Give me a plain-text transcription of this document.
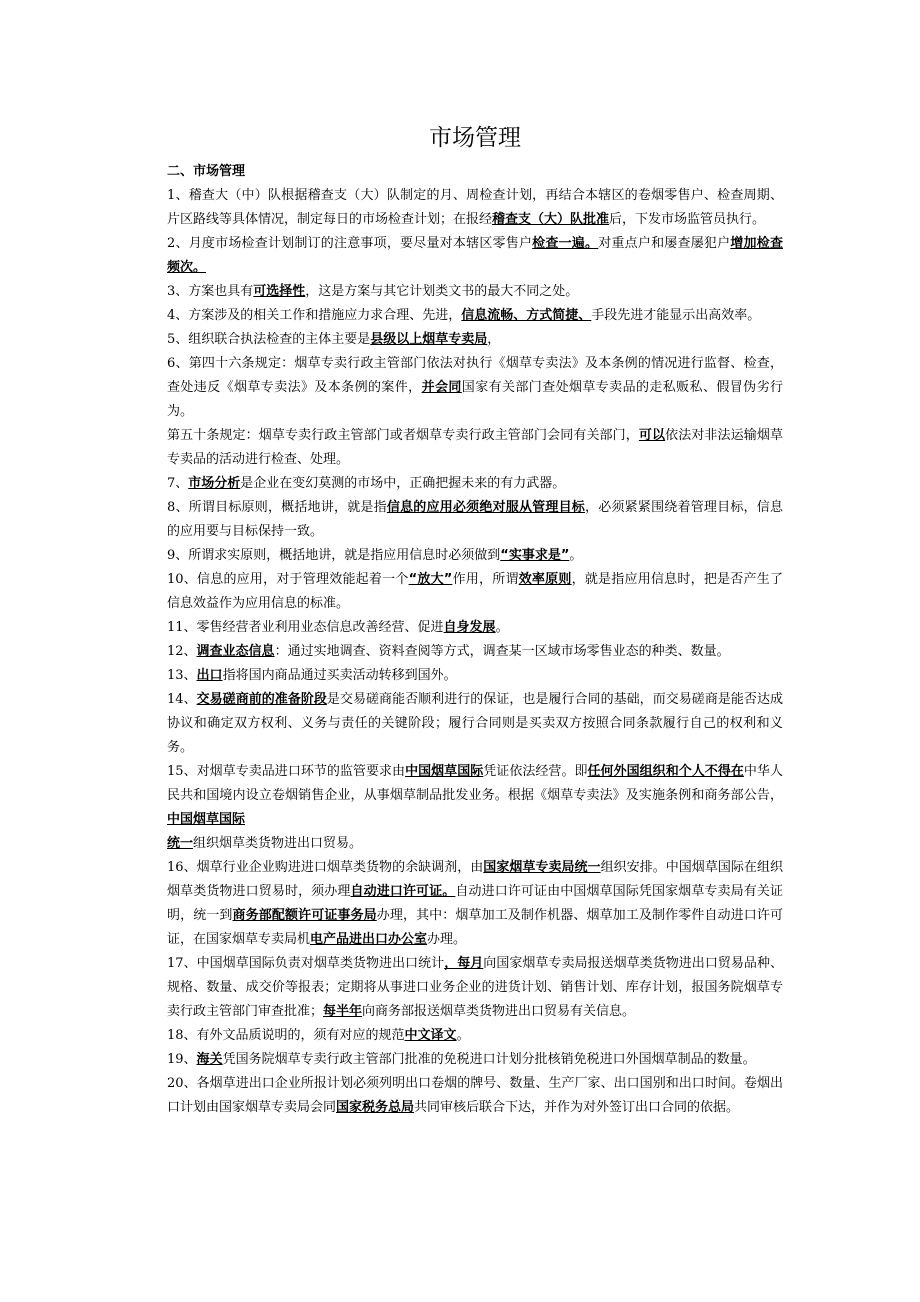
市场管理

二、市场管理

1、稽查大（中）队根据稽查支（大）队制定的月、周检查计划，再结合本辖区的卷烟零售户、检查周期、片区路线等具体情况，制定每日的市场检查计划；在报经稽查支（大）队批准后，下发市场监管员执行。

2、月度市场检查计划制订的注意事项，要尽量对本辖区零售户检查一遍。对重点户和屡查屡犯户增加检查频次。

3、方案也具有可选择性，这是方案与其它计划类文书的最大不同之处。

4、方案涉及的相关工作和措施应力求合理、先进，信息流畅、方式简捷、手段先进才能显示出高效率。

5、组织联合执法检查的主体主要是县级以上烟草专卖局，

6、第四十六条规定：烟草专卖行政主管部门依法对执行《烟草专卖法》及本条例的情况进行监督、检查，查处违反《烟草专卖法》及本条例的案件，并会同国家有关部门查处烟草专卖品的走私贩私、假冒伪劣行为。

第五十条规定：烟草专卖行政主管部门或者烟草专卖行政主管部门会同有关部门，可以依法对非法运输烟草专卖品的活动进行检查、处理。

7、市场分析是企业在变幻莫测的市场中，正确把握未来的有力武器。

8、所谓目标原则，概括地讲，就是指信息的应用必须绝对服从管理目标，必须紧紧围绕着管理目标，信息的应用要与目标保持一致。

9、所谓求实原则，概括地讲，就是指应用信息时必须做到“实事求是”。

10、信息的应用，对于管理效能起着一个“放大”作用，所谓效率原则，就是指应用信息时，把是否产生了信息效益作为应用信息的标准。

11、零售经营者业利用业态信息改善经营、促进自身发展。

12、调查业态信息：通过实地调查、资料查阅等方式，调查某一区域市场零售业态的种类、数量。

13、出口指将国内商品通过买卖活动转移到国外。

14、交易磋商前的准备阶段是交易磋商能否顺利进行的保证，也是履行合同的基础，而交易磋商是能否达成协议和确定双方权利、义务与责任的关键阶段；履行合同则是买卖双方按照合同条款履行自己的权利和义务。

15、对烟草专卖品进口环节的监管要求由中国烟草国际凭证依法经营。即任何外国组织和个人不得在中华人民共和国境内设立卷烟销售企业，从事烟草制品批发业务。根据《烟草专卖法》及实施条例和商务部公告，中国烟草国际

统一组织烟草类货物进出口贸易。

16、烟草行业企业购进进口烟草类货物的余缺调剂，由国家烟草专卖局统一组织安排。中国烟草国际在组织烟草类货物进口贸易时，须办理自动进口许可证。自动进口许可证由中国烟草国际凭国家烟草专卖局有关证明，统一到商务部配额许可证事务局办理，其中：烟草加工及制作机器、烟草加工及制作零件自动进口许可证，在国家烟草专卖局机电产品进出口办公室办理。

17、中国烟草国际负责对烟草类货物进出口统计，每月向国家烟草专卖局报送烟草类货物进出口贸易品种、规格、数量、成交价等报表；定期将从事进口业务企业的进货计划、销售计划、库存计划，报国务院烟草专卖行政主管部门审查批准；每半年向商务部报送烟草类货物进出口贸易有关信息。

18、有外文品质说明的，须有对应的规范中文译文。

19、海关凭国务院烟草专卖行政主管部门批准的免税进口计划分批核销免税进口外国烟草制品的数量。

20、各烟草进出口企业所报计划必须列明出口卷烟的牌号、数量、生产厂家、出口国别和出口时间。卷烟出口计划由国家烟草专卖局会同国家税务总局共同审核后联合下达，并作为对外签订出口合同的依据。
